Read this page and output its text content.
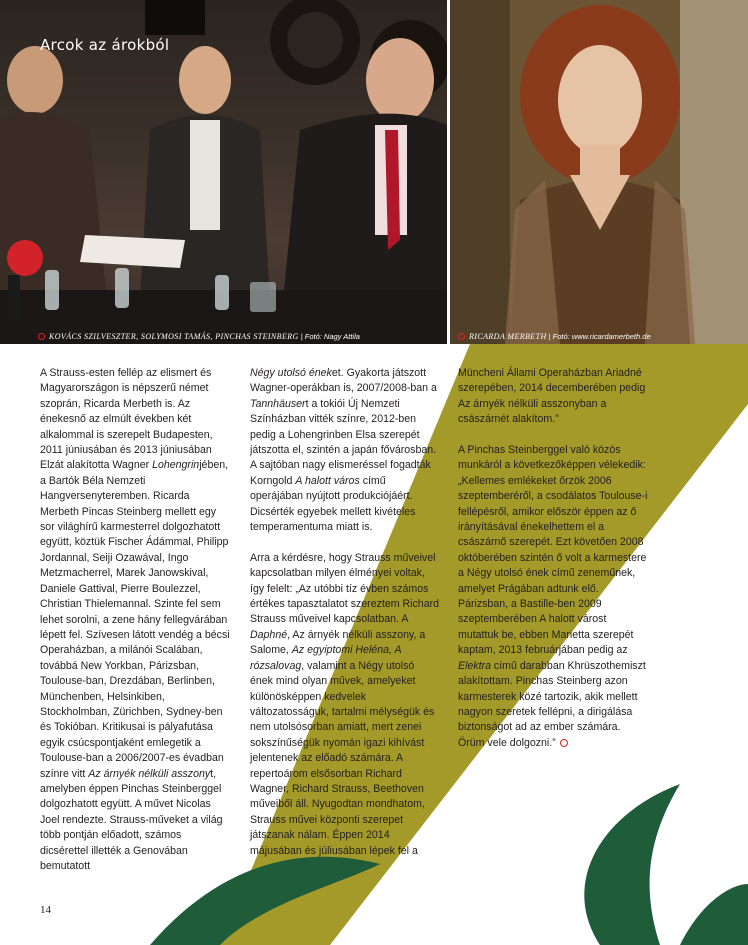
Arcok az árokból
KOVÁCS SZILVESZTER, SOLYMOSI TAMÁS, PINCHAS STEINBERG | Fotó: Nagy Attila	RICARDA MERBETH | Fotó: www.ricardamerbeth.de

A Strauss-esten fellép az elismert és Magyarországon is népszerű német szoprán, Ricarda Merbeth is. Az énekesnő az elmúlt években két alkalommal is szerepelt Budapesten, 2011 júniusában és 2013 júniusában Elzát alakította Wagner Lohengrinjében, a Bartók Béla Nemzeti Hangversenyteremben. Ricarda Merbeth Pincas Steinberg mellett egy sor világhírű karmesterrel dolgozhatott együtt, köztük Fischer Ádámmal, Philipp Jordannal, Seiji Ozawával, Ingo Metzmacherrel, Marek Janowskival, Daniele Gattival, Pierre Boulezzel, Christian Thielemannal. Szinte fel sem lehet sorolni, a zene hány fellegvárában lépett fel. Szívesen látott vendég a bécsi Operaházban, a milánói Scalában, továbbá New Yorkban, Párizsban, Toulouse-ban, Drezdában, Berlinben, Münchenben, Helsinkiben, Stockholmban, Zürichben, Sydney-ben és Tokióban. Kritikusai is pályafutása egyik csúcspontjaként emlegetik a Toulouse-ban a 2006/2007-es évadban színre vitt Az árnyék nélküli asszonyt, amelyben éppen Pinchas Steinberggel dolgozhatott együtt. A művet Nicolas Joel rendezte. Strauss-műveket a világ több pontján előadott, számos dicsérettel illették a Genovában bemutatott

Négy utolsó éneket. Gyakorta játszott Wagner-operákban is, 2007/2008-ban a Tannhäusert a tokiói Új Nemzeti Színházban vitték színre, 2012-ben pedig a Lohengrinben Elsa szerepét játszotta el, szintén a japán fővárosban. A sajtóban nagy elismeréssel fogadták Korngold A halott város című operájában nyújtott produkciójáért. Dicsérték egyebek mellett kivételes temperamentuma miatt is.

Arra a kérdésre, hogy Strauss műveivel kapcsolatban milyen élményei voltak, így felelt: „Az utóbbi tíz évben számos értékes tapasztalatot szereztem Richard Strauss műveivel kapcsolatban. A Daphné, Az árnyék nélküli asszony, a Salome, Az egyiptomi Heléna, A rózsalovag, valamint a Négy utolsó ének mind olyan művek, amelyeket különösképpen kedvelek változatosságuk, tartalmi mélységük és nem utolsósorban amiatt, mert zenei sokszínűségük nyomán igazi kihívást jelentenek az előadó számára. A repertoárom elsősorban Richard Wagner, Richard Strauss, Beethoven műveiből áll. Nyugodtan mondhatom, Strauss művei központi szerepet játszanak nálam. Éppen 2014 májusában és júliusában lépek fel a

Müncheni Állami Operaházban Ariadné szerepében, 2014 decemberében pedig Az árnyék nélküli asszonyban a császárnét alakítom.”

A Pinchas Steinberggel való közös munkáról a következőképpen vélekedik: „Kellemes emlékeket őrzök 2006 szeptemberéről, a csodálatos Toulouse-i fellépésről, amikor először éppen az ő irányításával énekelhettem el a császárnő szerepét. Ezt követően 2008 októberében szintén ő volt a karmestere a Négy utolsó ének című zeneműnek, amelyet Prágában adtunk elő. Párizsban, a Bastille-ben 2009 szeptemberében A halott várost mutattuk be, ebben Marietta szerepét kaptam, 2013 februárjában pedig az Elektra című darabban Khrüszothemiszt alakítottam. Pinchas Steinberg azon karmesterek közé tartozik, akik mellett nagyon szeretek fellépni, a dirigálása biztonságot ad az ember számára. Örüm vele dolgozni.”

14
